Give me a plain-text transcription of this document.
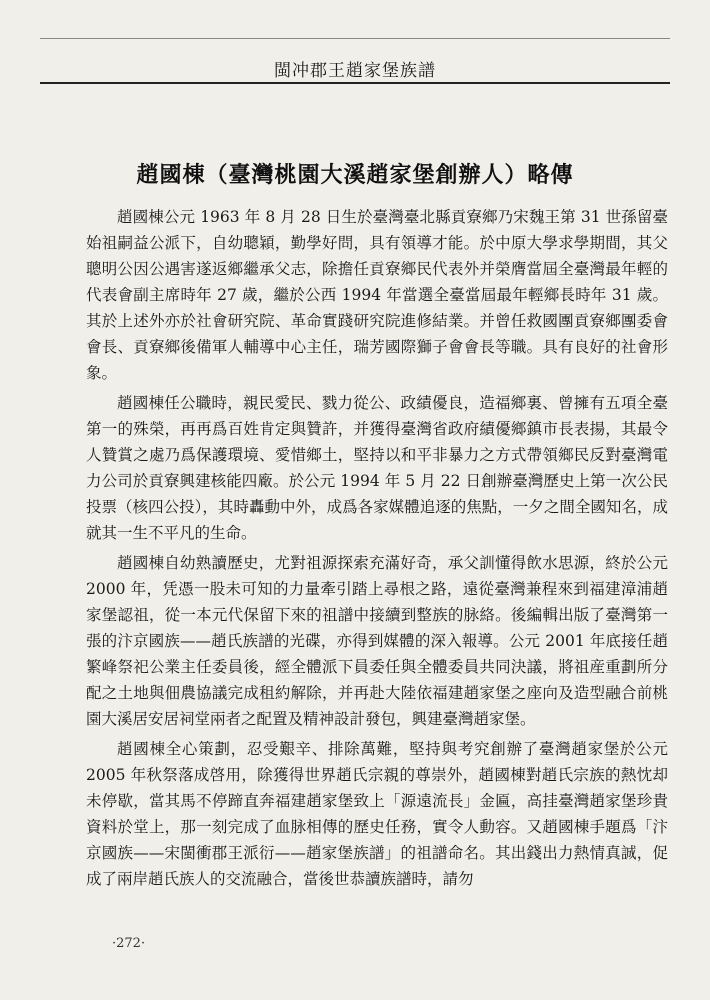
閩冲郡王趙家堡族譜
趙國棟（臺灣桃園大溪趙家堡創辦人）略傳

趙國棟公元 1963 年 8 月 28 日生於臺灣臺北縣貢寮鄉乃宋魏王第 31 世孫留臺始祖嗣益公派下，自幼聰穎，勤學好問，具有領導才能。於中原大學求學期間，其父聰明公因公遇害遂返鄉繼承父志，除擔任貢寮鄉民代表外并榮膺當屆全臺灣最年輕的代表會副主席時年 27 歲，繼於公西 1994 年當選全臺當屆最年輕鄉長時年 31 歲。其於上述外亦於社會研究院、革命實踐研究院進修結業。并曾任救國團貢寮鄉團委會會長、貢寮鄉後備軍人輔導中心主任，瑞芳國際獅子會會長等職。具有良好的社會形象。

趙國棟任公職時，親民愛民、戮力從公、政績優良，造福鄉裏、曾擁有五項全臺第一的殊榮，再再爲百姓肯定與贊許，并獲得臺灣省政府績優鄉鎮市長表揚，其最令人贊賞之處乃爲保護環境、愛惜鄉土，堅持以和平非暴力之方式帶領鄉民反對臺灣電力公司於貢寮興建核能四廠。於公元 1994 年 5 月 22 日創辦臺灣歷史上第一次公民投票（核四公投），其時轟動中外，成爲各家媒體追逐的焦點，一夕之間全國知名，成就其一生不平凡的生命。

趙國棟自幼熟讀歷史，尤對祖源探索充滿好奇，承父訓懂得飲水思源，終於公元 2000 年，凭憑一股未可知的力量牽引踏上尋根之路，遠從臺灣兼程來到福建漳浦趙家堡認祖，從一本元代保留下來的祖譜中接續到整族的脉絡。後編輯出版了臺灣第一張的汴京國族——趙氏族譜的光碟，亦得到媒體的深入報導。公元 2001 年底接任趙繁峰祭祀公業主任委員後，經全體派下員委任與全體委員共同決議，將祖産重劃所分配之土地與佃農協議完成租約解除，并再赴大陸依福建趙家堡之座向及造型融合前桃園大溪居安居祠堂兩者之配置及精神設計發包，興建臺灣趙家堡。

趙國棟全心策劃，忍受艱辛、排除萬難，堅持與考究創辦了臺灣趙家堡於公元 2005 年秋祭落成啓用，除獲得世界趙氏宗親的尊崇外，趙國棟對趙氏宗族的熱忱却未停歇，當其馬不停蹄直奔福建趙家堡致上「源遠流長」金匾，高挂臺灣趙家堡珍貴資料於堂上，那一刻完成了血脉相傳的歷史任務，實令人動容。又趙國棟手題爲「汴京國族——宋閩衝郡王派衍——趙家堡族譜」的祖譜命名。其出錢出力熱情真誠，促成了兩岸趙氏族人的交流融合，當後世恭讀族譜時，請勿

·272·
